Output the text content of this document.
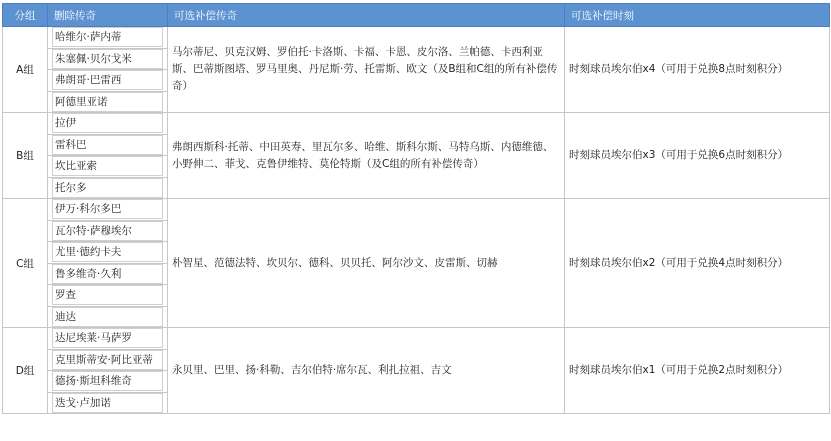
分组	删除传奇	可选补偿传奇	可选补偿时刻
A组	哈维尔·萨内蒂	马尔蒂尼、贝克汉姆、罗伯托·卡洛斯、卡福、卡恩、皮尔洛、兰帕德、卡西利亚斯、巴蒂斯图塔、罗马里奥、丹尼斯·劳、托雷斯、欧文（及B组和C组的所有补偿传奇）	时刻球员埃尔伯x4（可用于兑换8点时刻积分）

	朱塞佩·贝尔戈米		

	弗朗哥·巴雷西		

	阿德里亚诺		

B组	拉伊	弗朗西斯科·托蒂、中田英寿、里瓦尔多、哈维、斯科尔斯、马特乌斯、内德维德、小野伸二、菲戈、克鲁伊维特、莫伦特斯（及C组的所有补偿传奇）	时刻球员埃尔伯x3（可用于兑换6点时刻积分）

	雷科巴		

	坎比亚索		

	托尔多		

C组	伊万·科尔多巴	朴智星、范德法特、坎贝尔、德科、贝贝托、阿尔沙文、皮雷斯、切赫	时刻球员埃尔伯x2（可用于兑换4点时刻积分）

	瓦尔特·萨穆埃尔		

	尤里·德约卡夫		

	鲁多维奇·久利		

	罗查		

	迪达		

D组	达尼埃莱·马萨罗	永贝里、巴里、扬·科勒、吉尔伯特·席尔瓦、利扎拉祖、吉文	时刻球员埃尔伯x1（可用于兑换2点时刻积分）

	克里斯蒂安·阿比亚蒂		

	德扬·斯坦科维奇		

	迭戈·卢加诺		
